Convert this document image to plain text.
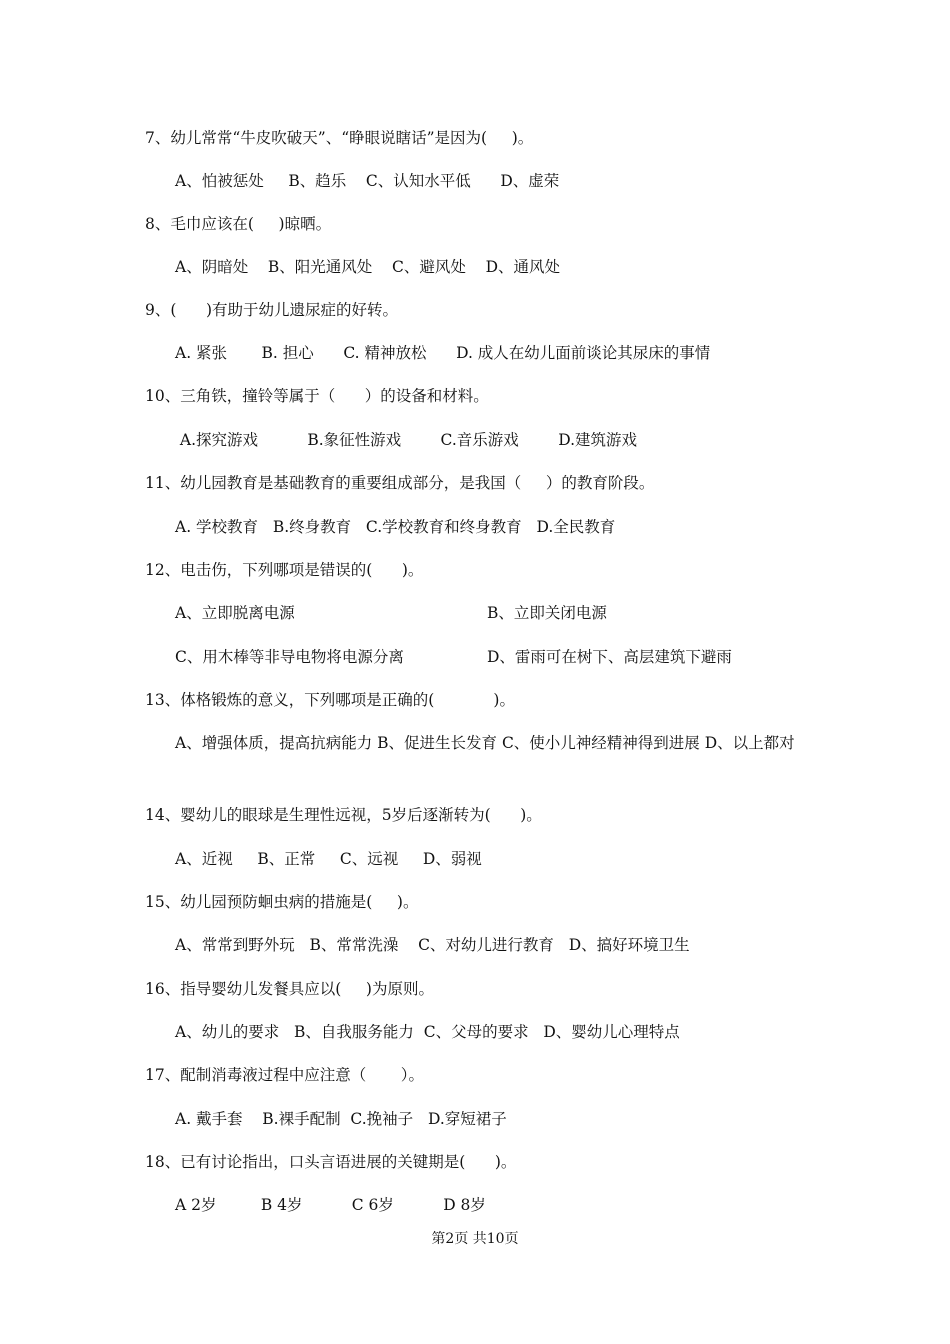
7、幼儿常常“牛皮吹破天”、“睁眼说瞎话”是因为(     )。
A、怕被惩处     B、趋乐    C、认知水平低      D、虚荣
8、毛巾应该在(     )晾晒。
A、阴暗处    B、阳光通风处    C、避风处    D、通风处
9、(      )有助于幼儿遗尿症的好转。
A. 紧张       B. 担心      C. 精神放松      D. 成人在幼儿面前谈论其尿床的事情
10、三角铁，撞铃等属于（      ）的设备和材料。
A.探究游戏          B.象征性游戏        C.音乐游戏        D.建筑游戏
11、幼儿园教育是基础教育的重要组成部分，是我国（     ）的教育阶段。
A. 学校教育   B.终身教育   C.学校教育和终身教育   D.全民教育
12、电击伤，下列哪项是错误的(      )。
A、立即脱离电源	B、立即关闭电源
C、用木棒等非导电物将电源分离	D、雷雨可在树下、高层建筑下避雨
13、体格锻炼的意义，下列哪项是正确的(            )。
A、增强体质，提高抗病能力 B、促进生长发育 C、使小儿神经精神得到进展 D、以上都对
14、婴幼儿的眼球是生理性远视，5岁后逐渐转为(      )。
A、近视     B、正常     C、远视     D、弱视
15、幼儿园预防蛔虫病的措施是(     )。
A、常常到野外玩   B、常常洗澡    C、对幼儿进行教育   D、搞好环境卫生
16、指导婴幼儿发餐具应以(     )为原则。
A、幼儿的要求   B、自我服务能力  C、父母的要求   D、婴幼儿心理特点
17、配制消毒液过程中应注意（       ）。
A. 戴手套    B.裸手配制  C.挽袖子   D.穿短裙子
18、已有讨论指出，口头言语进展的关键期是(      )。
A 2岁         B 4岁          C 6岁          D 8岁
第2页 共10页
